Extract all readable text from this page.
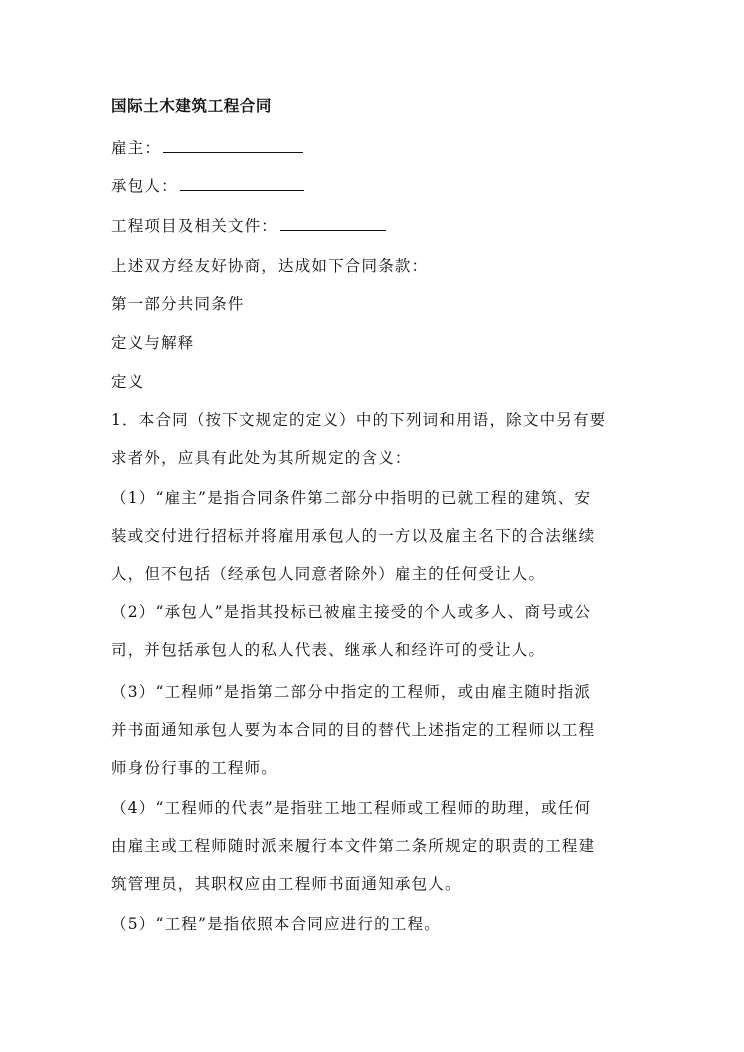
国际土木建筑工程合同
雇主：
承包人：
工程项目及相关文件：
上述双方经友好协商，达成如下合同条款：
第一部分共同条件
定义与解释
定义
1．本合同（按下文规定的定义）中的下列词和用语，除文中另有要
求者外，应具有此处为其所规定的含义：
（1）“雇主”是指合同条件第二部分中指明的已就工程的建筑、安
装或交付进行招标并将雇用承包人的一方以及雇主名下的合法继续
人，但不包括（经承包人同意者除外）雇主的任何受让人。
（2）“承包人”是指其投标已被雇主接受的个人或多人、商号或公
司，并包括承包人的私人代表、继承人和经许可的受让人。
（3）“工程师”是指第二部分中指定的工程师，或由雇主随时指派
并书面通知承包人要为本合同的目的替代上述指定的工程师以工程
师身份行事的工程师。
（4）“工程师的代表”是指驻工地工程师或工程师的助理，或任何
由雇主或工程师随时派来履行本文件第二条所规定的职责的工程建
筑管理员，其职权应由工程师书面通知承包人。
（5）“工程”是指依照本合同应进行的工程。
